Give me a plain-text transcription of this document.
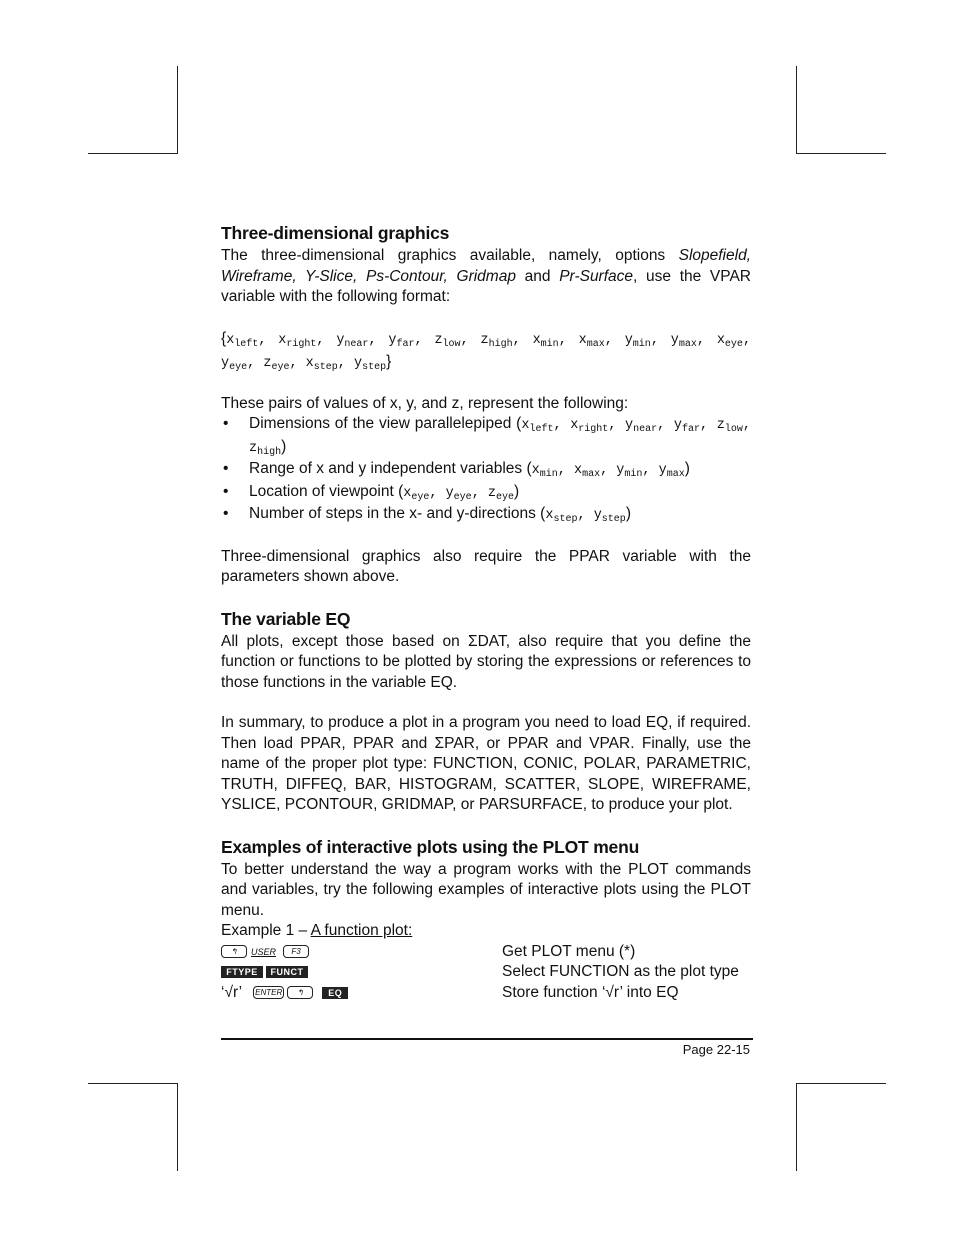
Three-dimensional graphics

The three-dimensional graphics available, namely, options Slopefield, Wireframe, Y-Slice, Ps-Contour, Gridmap and Pr-Surface, use the VPAR variable with the following format:

{$x_{left}$, $x_{right}$, $y_{near}$, $y_{far}$, $z_{low}$, $z_{high}$, $x_{min}$, $x_{max}$, $y_{min}$, $y_{max}$, $x_{eye}$, $y_{eye}$, $z_{eye}$, $x_{step}$, $y_{step}$}

These pairs of values of x, y, and z, represent the following:

• Dimensions of the view parallelepiped ($x_{left}$, $x_{right}$, $y_{near}$, $y_{far}$, $z_{low}$, $z_{high}$)
• Range of x and y independent variables ($x_{min}$, $x_{max}$, $y_{min}$, $y_{max}$)
• Location of viewpoint ($x_{eye}$, $y_{eye}$, $z_{eye}$)
• Number of steps in the x- and y-directions ($x_{step}$, $y_{step}$)

Three-dimensional graphics also require the PPAR variable with the parameters shown above.

The variable EQ

All plots, except those based on ΣDAT, also require that you define the function or functions to be plotted by storing the expressions or references to those functions in the variable EQ.

In summary, to produce a plot in a program you need to load EQ, if required. Then load PPAR, PPAR and ΣPAR, or PPAR and VPAR. Finally, use the name of the proper plot type: FUNCTION, CONIC, POLAR, PARAMETRIC, TRUTH, DIFFEQ, BAR, HISTOGRAM, SCATTER, SLOPE, WIREFRAME, YSLICE, PCONTOUR, GRIDMAP, or PARSURFACE, to produce your plot.

Examples of interactive plots using the PLOT menu

To better understand the way a program works with the PLOT commands and variables, try the following examples of interactive plots using the PLOT menu.

Example 1 – A function plot:

↰	USER	F3	Get PLOT menu (*)
FTYPE	FUNCT	Select FUNCTION as the plot type
‘√r’ ENTER	↰	EQ	Store function ‘√r’ into EQ
Page 22-15
